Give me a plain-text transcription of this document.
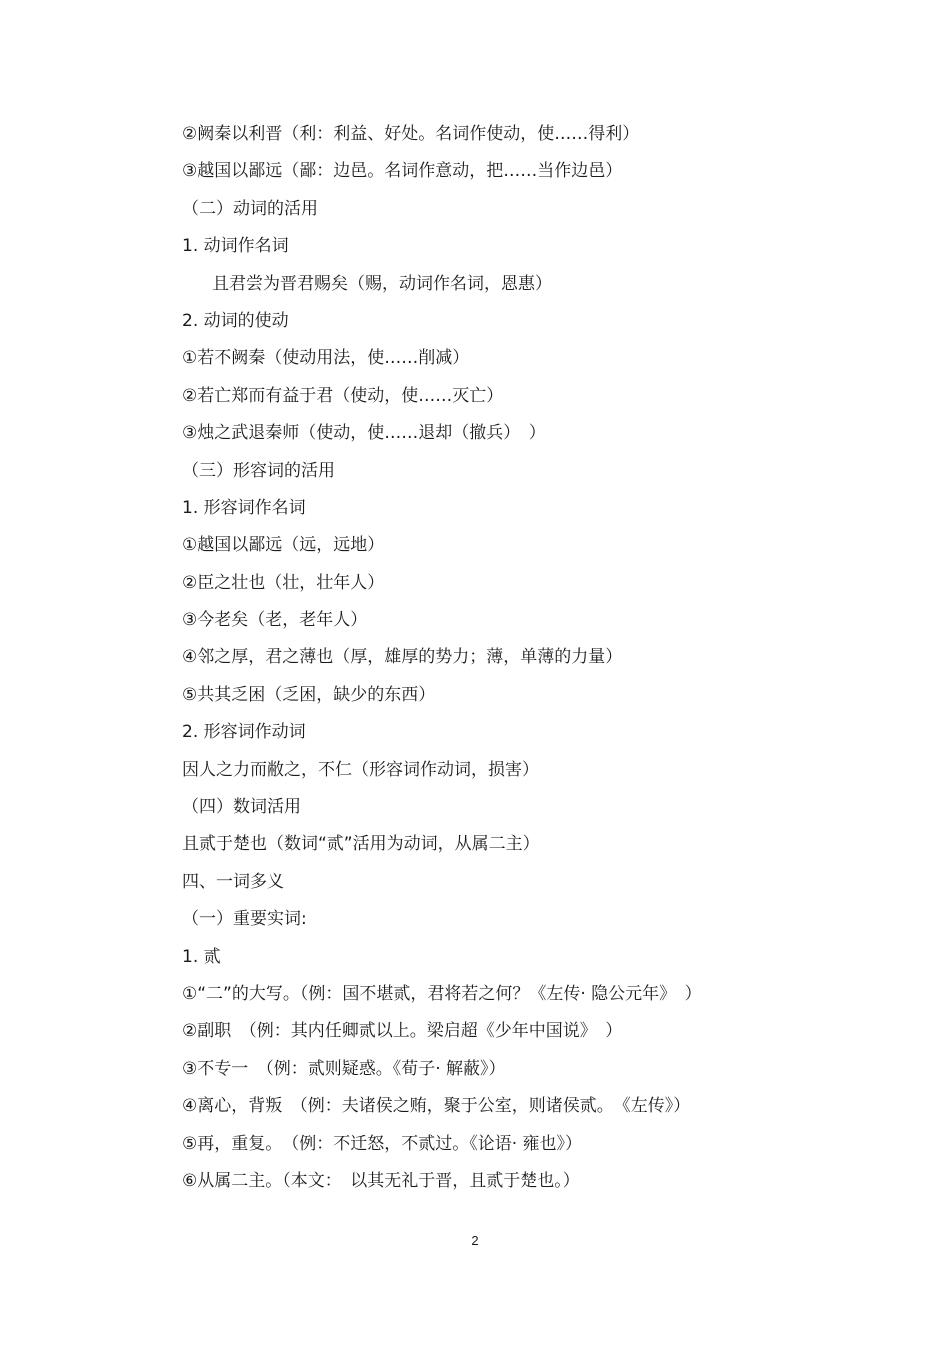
②阙秦以利晋（利：利益、好处。名词作使动，使……得利）
③越国以鄙远（鄙：边邑。名词作意动，把……当作边邑）
（二）动词的活用
1. 动词作名词
且君尝为晋君赐矣（赐，动词作名词，恩惠）
2. 动词的使动
①若不阙秦（使动用法，使……削减）
②若亡郑而有益于君（使动，使……灭亡）
③烛之武退秦师（使动，使……退却（撤兵）　）
（三）形容词的活用
1. 形容词作名词
①越国以鄙远（远，远地）
②臣之壮也（壮，壮年人）
③今老矣（老，老年人）
④邻之厚，君之薄也（厚，雄厚的势力；薄，单薄的力量）
⑤共其乏困（乏困，缺少的东西）
2. 形容词作动词
因人之力而敝之，不仁（形容词作动词，损害）
（四）数词活用
且贰于楚也（数词“贰”活用为动词，从属二主）
四、一词多义
（一）重要实词:
1. 贰
①“二”的大写。（例：国不堪贰，君将若之何？《左传· 隐公元年》　）
②副职　（例：其内任卿贰以上。梁启超《少年中国说》　）
③不专一　（例：贰则疑惑。《荀子· 解蔽》）
④离心，背叛　（例：夫诸侯之贿，聚于公室，则诸侯贰。　《左传》）
⑤再，重复。　（例：不迁怒，不贰过。《论语· 雍也》）
⑥从属二主。（本文：　以其无礼于晋，且贰于楚也。）
2
